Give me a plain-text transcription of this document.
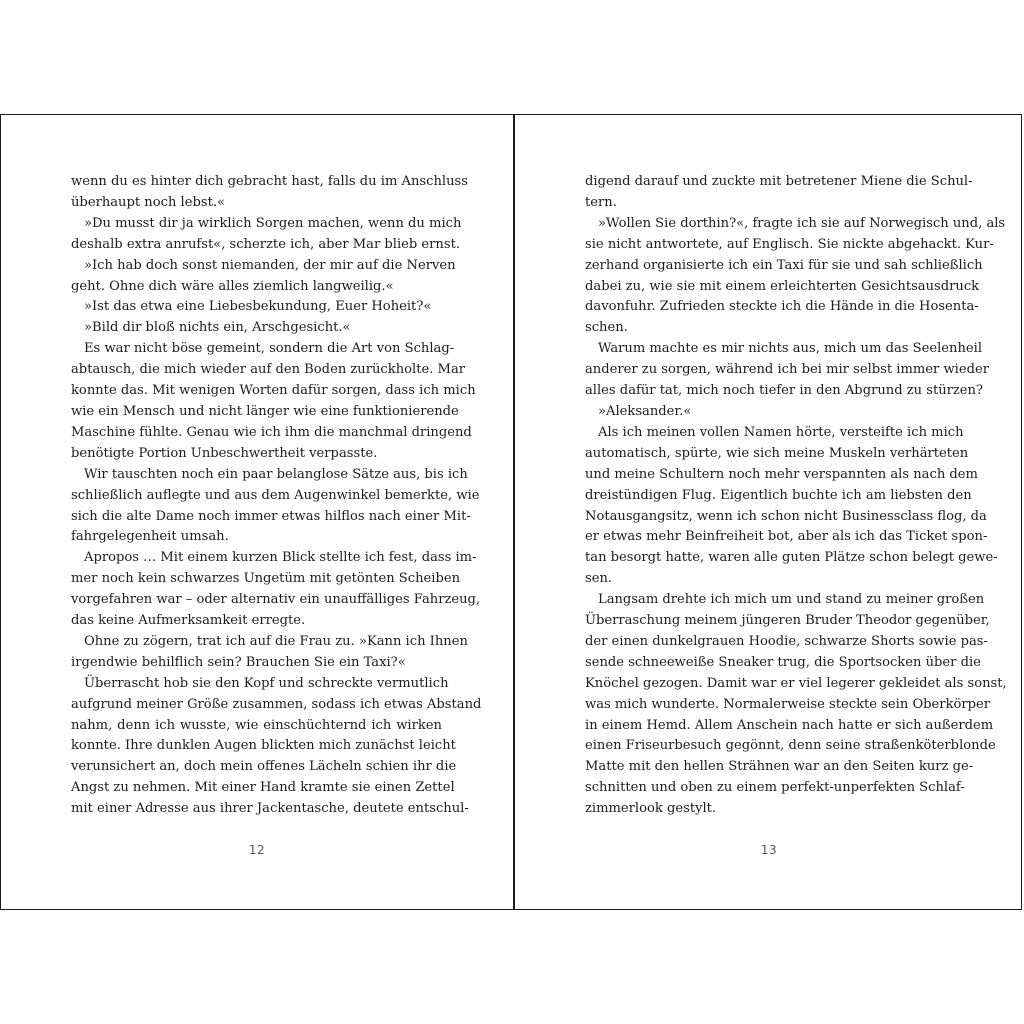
wenn du es hinter dich gebracht hast, falls du im Anschluss
überhaupt noch lebst.«
»Du musst dir ja wirklich Sorgen machen, wenn du mich
deshalb extra anrufst«, scherzte ich, aber Mar blieb ernst.
»Ich hab doch sonst niemanden, der mir auf die Nerven
geht. Ohne dich wäre alles ziemlich langweilig.«
»Ist das etwa eine Liebesbekundung, Euer Hoheit?«
»Bild dir bloß nichts ein, Arschgesicht.«
Es war nicht böse gemeint, sondern die Art von Schlag-
abtausch, die mich wieder auf den Boden zurückholte. Mar
konnte das. Mit wenigen Worten dafür sorgen, dass ich mich
wie ein Mensch und nicht länger wie eine funktionierende
Maschine fühlte. Genau wie ich ihm die manchmal dringend
benötigte Portion Unbeschwertheit verpasste.
Wir tauschten noch ein paar belanglose Sätze aus, bis ich
schließlich auflegte und aus dem Augenwinkel bemerkte, wie
sich die alte Dame noch immer etwas hilflos nach einer Mit-
fahrgelegenheit umsah.
Apropos … Mit einem kurzen Blick stellte ich fest, dass im-
mer noch kein schwarzes Ungetüm mit getönten Scheiben
vorgefahren war – oder alternativ ein unauffälliges Fahrzeug,
das keine Aufmerksamkeit erregte.
Ohne zu zögern, trat ich auf die Frau zu. »Kann ich Ihnen
irgendwie behilflich sein? Brauchen Sie ein Taxi?«
Überrascht hob sie den Kopf und schreckte vermutlich
aufgrund meiner Größe zusammen, sodass ich etwas Abstand
nahm, denn ich wusste, wie einschüchternd ich wirken
konnte. Ihre dunklen Augen blickten mich zunächst leicht
verunsichert an, doch mein offenes Lächeln schien ihr die
Angst zu nehmen. Mit einer Hand kramte sie einen Zettel
mit einer Adresse aus ihrer Jackentasche, deutete entschul-
12
digend darauf und zuckte mit betretener Miene die Schul-
tern.
»Wollen Sie dorthin?«, fragte ich sie auf Norwegisch und, als
sie nicht antwortete, auf Englisch. Sie nickte abgehackt. Kur-
zerhand organisierte ich ein Taxi für sie und sah schließlich
dabei zu, wie sie mit einem erleichterten Gesichtsausdruck
davonfuhr. Zufrieden steckte ich die Hände in die Hosenta-
schen.
Warum machte es mir nichts aus, mich um das Seelenheil
anderer zu sorgen, während ich bei mir selbst immer wieder
alles dafür tat, mich noch tiefer in den Abgrund zu stürzen?
»Aleksander.«
Als ich meinen vollen Namen hörte, versteifte ich mich
automatisch, spürte, wie sich meine Muskeln verhärteten
und meine Schultern noch mehr verspannten als nach dem
dreistündigen Flug. Eigentlich buchte ich am liebsten den
Notausgangsitz, wenn ich schon nicht Businessclass flog, da
er etwas mehr Beinfreiheit bot, aber als ich das Ticket spon-
tan besorgt hatte, waren alle guten Plätze schon belegt gewe-
sen.
Langsam drehte ich mich um und stand zu meiner großen
Überraschung meinem jüngeren Bruder Theodor gegenüber,
der einen dunkelgrauen Hoodie, schwarze Shorts sowie pas-
sende schneeweiße Sneaker trug, die Sportsocken über die
Knöchel gezogen. Damit war er viel legerer gekleidet als sonst,
was mich wunderte. Normalerweise steckte sein Oberkörper
in einem Hemd. Allem Anschein nach hatte er sich außerdem
einen Friseurbesuch gegönnt, denn seine straßenköterblonde
Matte mit den hellen Strähnen war an den Seiten kurz ge-
schnitten und oben zu einem perfekt-unperfekten Schlaf-
zimmerlook gestylt.
13
